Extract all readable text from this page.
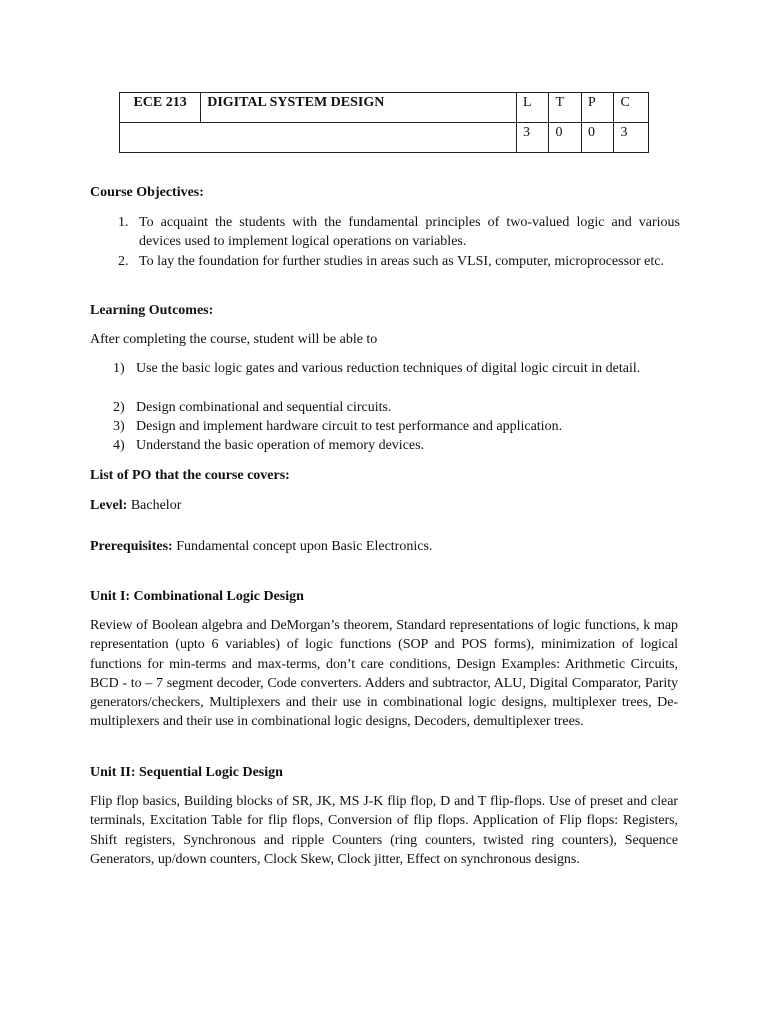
ECE 213	DIGITAL SYSTEM DESIGN	L	T	P	C
		3	0	0	3
Course Objectives:
1. To acquaint the students with the fundamental principles of two-valued logic and various devices used to implement logical operations on variables.
2. To lay the foundation for further studies in areas such as VLSI, computer, microprocessor etc.
Learning Outcomes:
After completing the course, student will be able to
1) Use the basic logic gates and various reduction techniques of digital logic circuit in detail.
2) Design combinational and sequential circuits.
3) Design and implement hardware circuit to test performance and application.
4) Understand the basic operation of memory devices.
List of PO that the course covers:
Level: Bachelor
Prerequisites: Fundamental concept upon Basic Electronics.
Unit I: Combinational Logic Design
Review of Boolean algebra and DeMorgan’s theorem, Standard representations of logic functions, k map representation (upto 6 variables) of logic functions (SOP and POS forms), minimization of logical functions for min-terms and max-terms, don’t care conditions, Design Examples: Arithmetic Circuits, BCD - to – 7 segment decoder, Code converters. Adders and subtractor, ALU, Digital Comparator, Parity generators/checkers, Multiplexers and their use in combinational logic designs, multiplexer trees, De-multiplexers and their use in combinational logic designs, Decoders, demultiplexer trees.
Unit II: Sequential Logic Design
Flip flop basics, Building blocks of SR, JK, MS J-K flip flop, D and T flip-flops. Use of preset and clear terminals, Excitation Table for flip flops, Conversion of flip flops. Application of Flip flops: Registers, Shift registers, Synchronous and ripple Counters (ring counters, twisted ring counters), Sequence Generators, up/down counters, Clock Skew, Clock jitter, Effect on synchronous designs.
